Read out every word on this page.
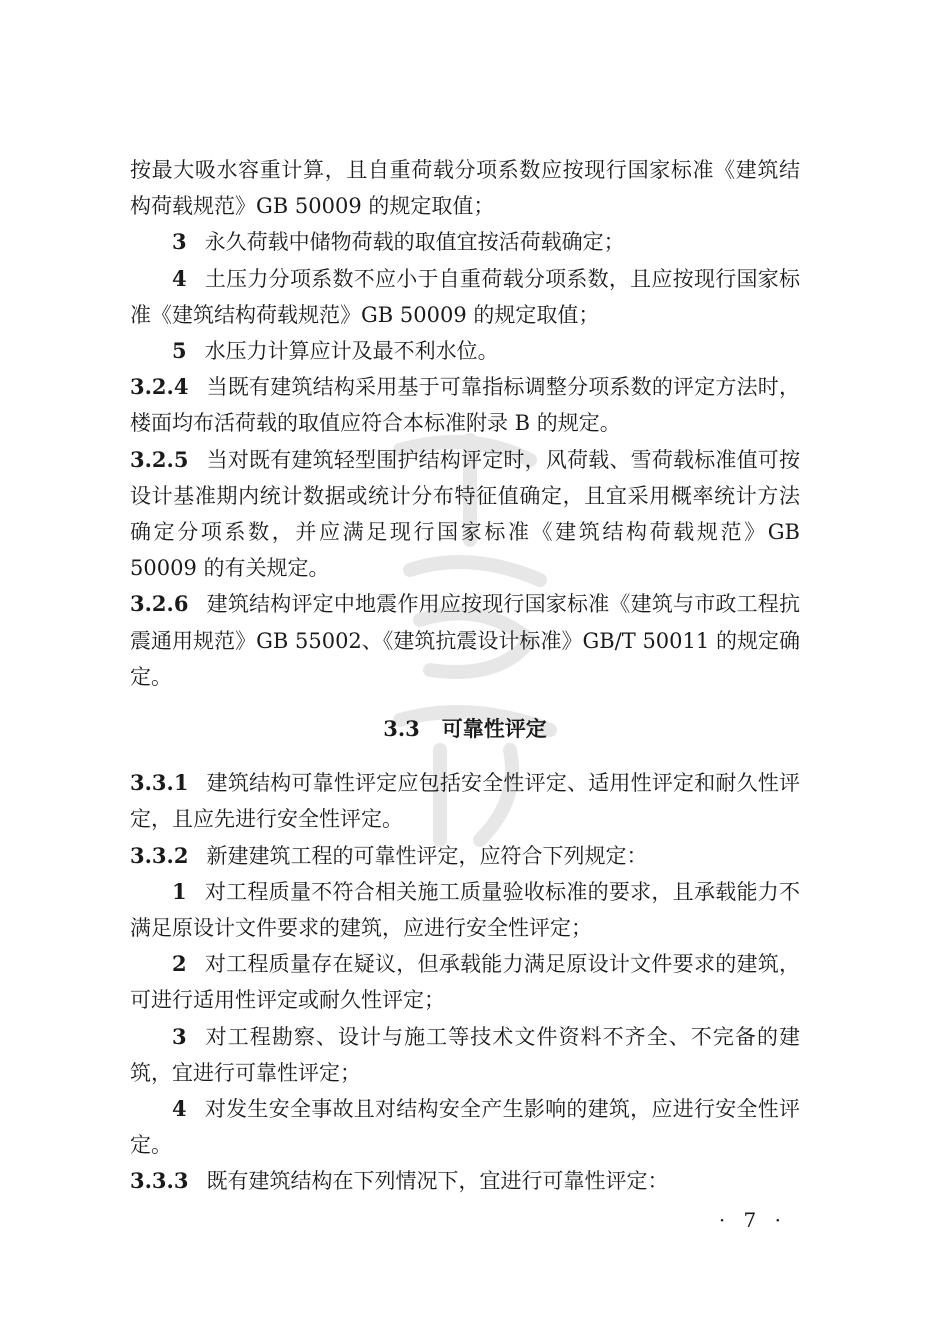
按最大吸水容重计算，且自重荷载分项系数应按现行国家标准《建筑结构荷载规范》GB 50009 的规定取值；

3 永久荷载中储物荷载的取值宜按活荷载确定；

4 土压力分项系数不应小于自重荷载分项系数，且应按现行国家标准《建筑结构荷载规范》GB 50009 的规定取值；

5 水压力计算应计及最不利水位。

3.2.4 当既有建筑结构采用基于可靠指标调整分项系数的评定方法时，楼面均布活荷载的取值应符合本标准附录 B 的规定。

3.2.5 当对既有建筑轻型围护结构评定时，风荷载、雪荷载标准值可按设计基准期内统计数据或统计分布特征值确定，且宜采用概率统计方法确定分项系数，并应满足现行国家标准《建筑结构荷载规范》GB 50009 的有关规定。

3.2.6 建筑结构评定中地震作用应按现行国家标准《建筑与市政工程抗震通用规范》GB 55002、《建筑抗震设计标准》GB/T 50011 的规定确定。

3.3 可靠性评定

3.3.1 建筑结构可靠性评定应包括安全性评定、适用性评定和耐久性评定，且应先进行安全性评定。

3.3.2 新建建筑工程的可靠性评定，应符合下列规定：

1 对工程质量不符合相关施工质量验收标准的要求，且承载能力不满足原设计文件要求的建筑，应进行安全性评定；

2 对工程质量存在疑议，但承载能力满足原设计文件要求的建筑，可进行适用性评定或耐久性评定；

3 对工程勘察、设计与施工等技术文件资料不齐全、不完备的建筑，宜进行可靠性评定；

4 对发生安全事故且对结构安全产生影响的建筑，应进行安全性评定。

3.3.3 既有建筑结构在下列情况下，宜进行可靠性评定：

· 7 ·
